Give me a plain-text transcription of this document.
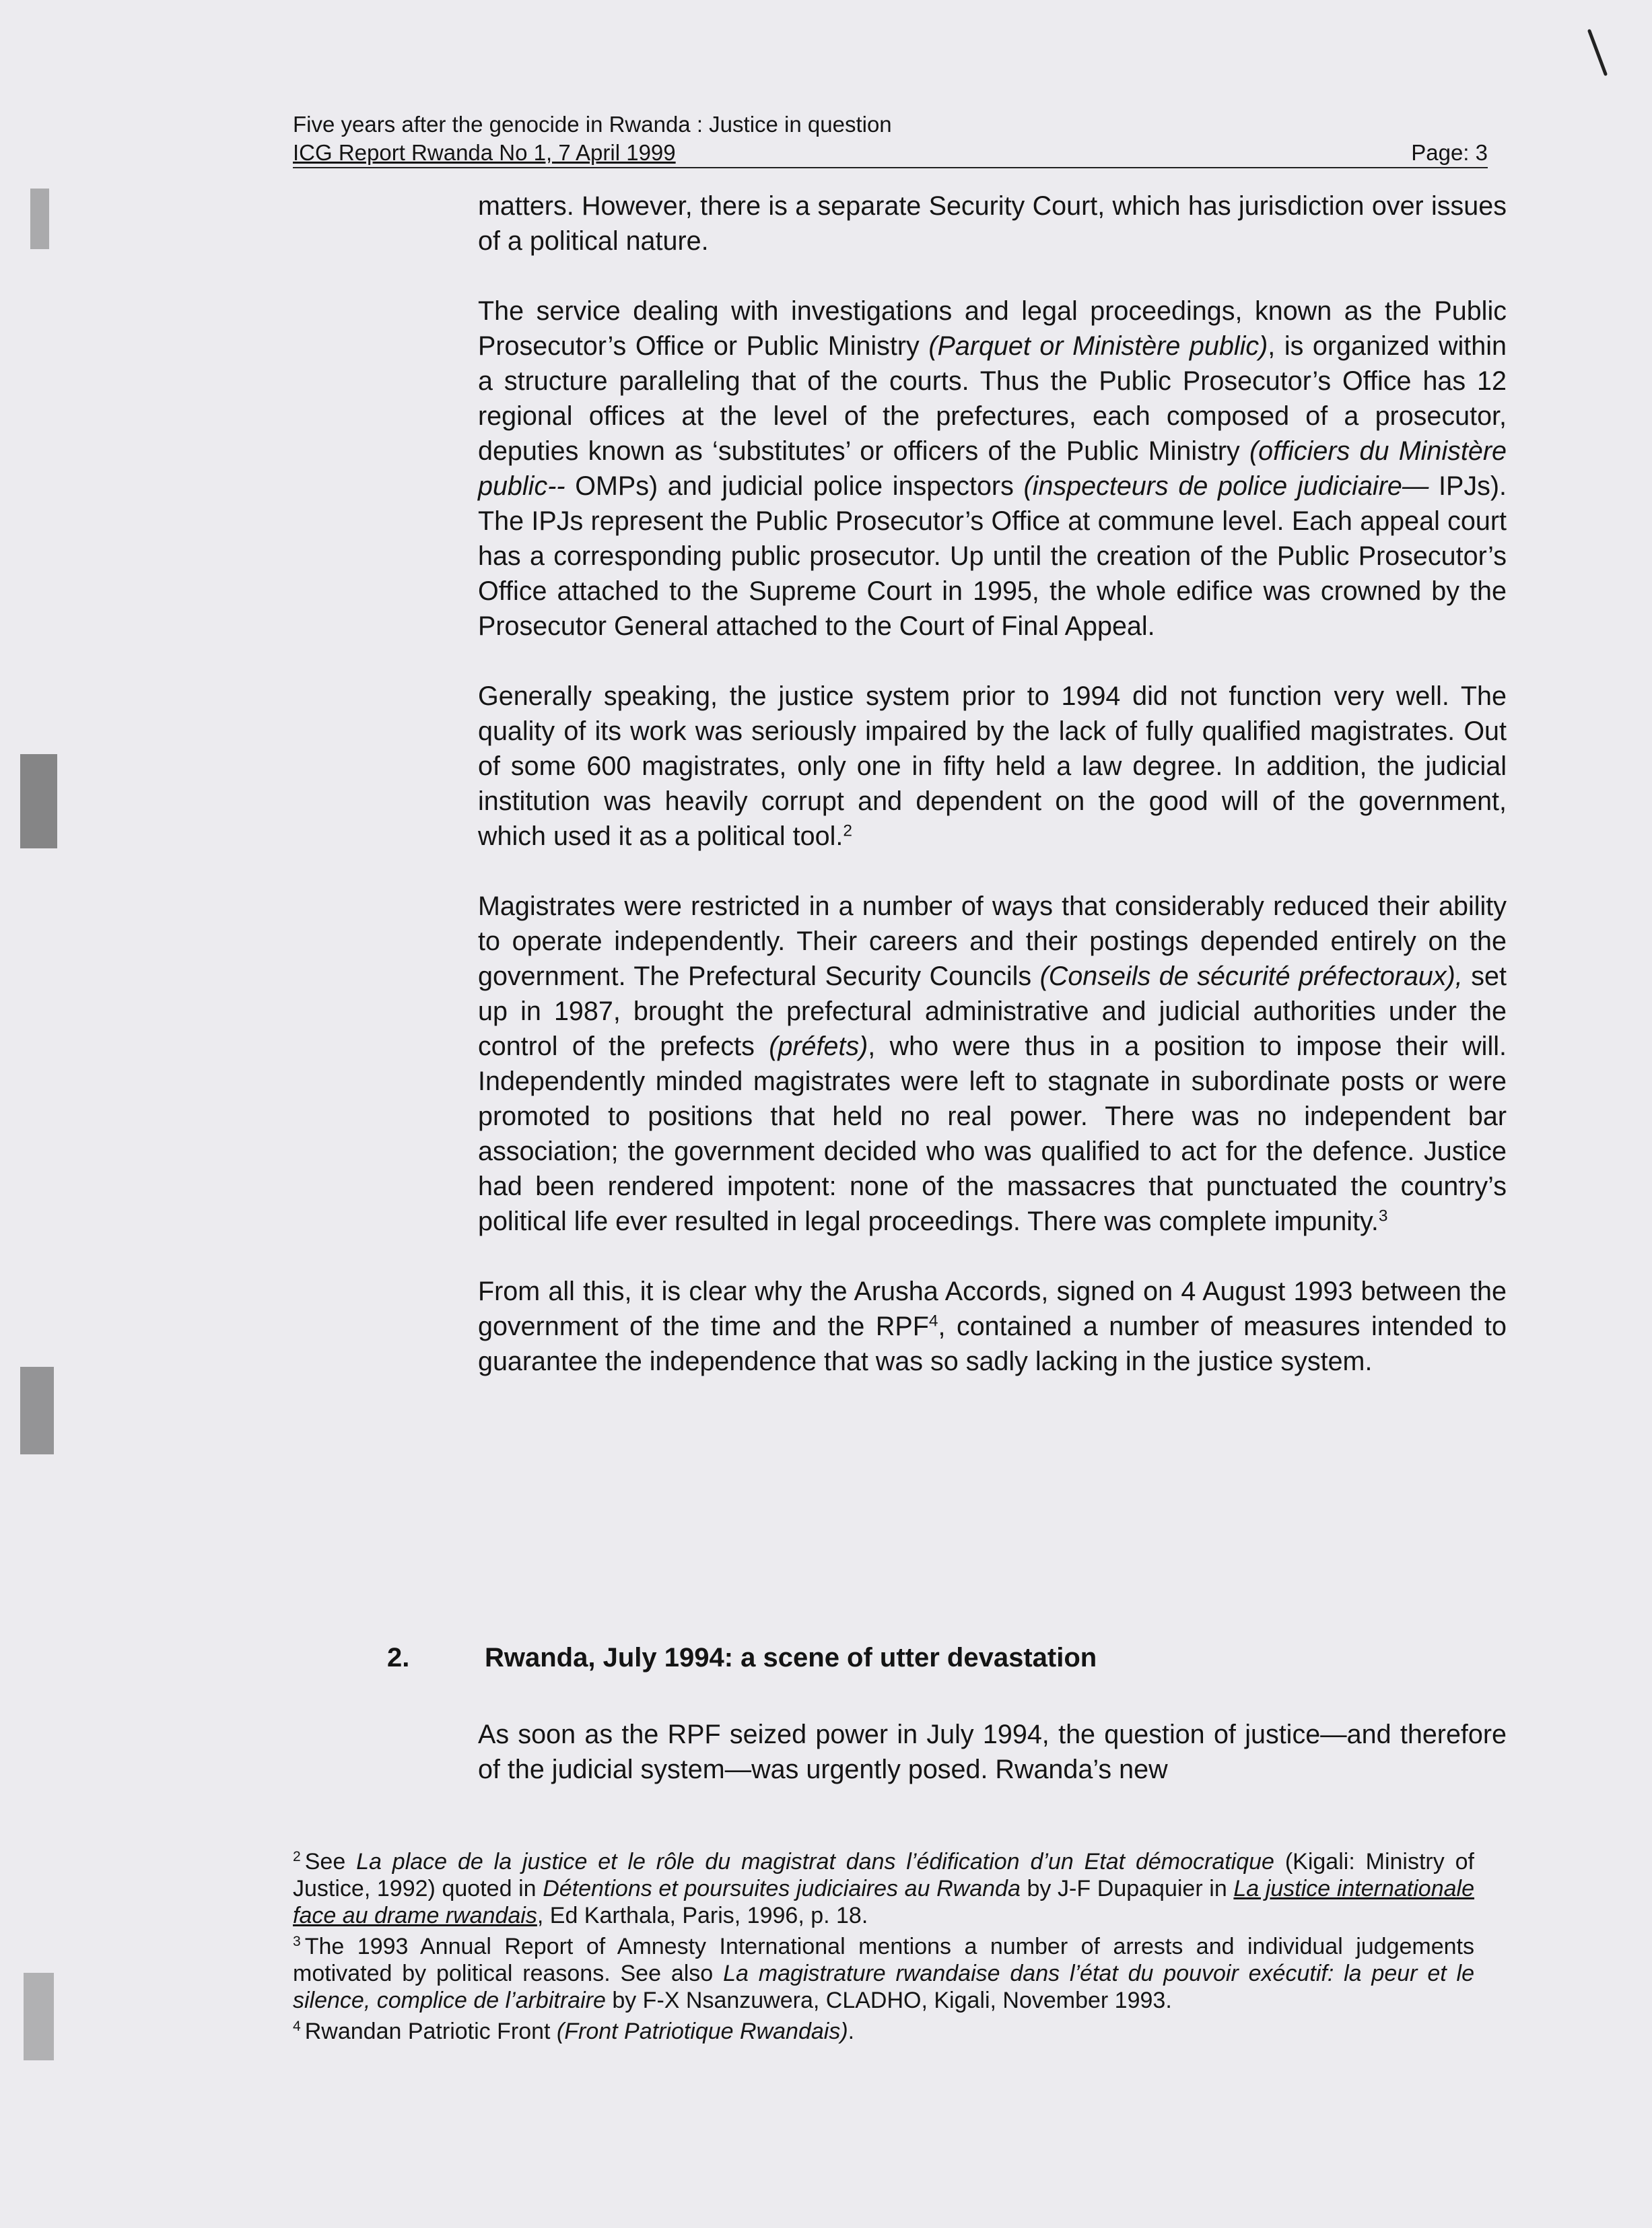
Five years after the genocide in Rwanda : Justice in question
ICG Report Rwanda No 1, 7 April 1999	Page: 3

matters. However, there is a separate Security Court, which has jurisdiction over issues of a political nature.

The service dealing with investigations and legal proceedings, known as the Public Prosecutor’s Office or Public Ministry (Parquet or Ministère public), is organized within a structure paralleling that of the courts. Thus the Public Prosecutor’s Office has 12 regional offices at the level of the prefectures, each composed of a prosecutor, deputies known as ‘substitutes’ or officers of the Public Ministry (officiers du Ministère public-- OMPs) and judicial police inspectors (inspecteurs de police judiciaire— IPJs). The IPJs represent the Public Prosecutor’s Office at commune level. Each appeal court has a corresponding public prosecutor. Up until the creation of the Public Prosecutor’s Office attached to the Supreme Court in 1995, the whole edifice was crowned by the Prosecutor General attached to the Court of Final Appeal.

Generally speaking, the justice system prior to 1994 did not function very well. The quality of its work was seriously impaired by the lack of fully qualified magistrates. Out of some 600 magistrates, only one in fifty held a law degree. In addition, the judicial institution was heavily corrupt and dependent on the good will of the government, which used it as a political tool.$^2$

Magistrates were restricted in a number of ways that considerably reduced their ability to operate independently. Their careers and their postings depended entirely on the government. The Prefectural Security Councils (Conseils de sécurité préfectoraux), set up in 1987, brought the prefectural administrative and judicial authorities under the control of the prefects (préfets), who were thus in a position to impose their will. Independently minded magistrates were left to stagnate in subordinate posts or were promoted to positions that held no real power. There was no independent bar association; the government decided who was qualified to act for the defence. Justice had been rendered impotent: none of the massacres that punctuated the country’s political life ever resulted in legal proceedings. There was complete impunity.$^3$

From all this, it is clear why the Arusha Accords, signed on 4 August 1993 between the government of the time and the RPF$^4$, contained a number of measures intended to guarantee the independence that was so sadly lacking in the justice system.

2.	Rwanda, July 1994: a scene of utter devastation

As soon as the RPF seized power in July 1994, the question of justice—and therefore of the judicial system—was urgently posed. Rwanda’s new

$^2$ See La place de la justice et le rôle du magistrat dans l’édification d’un Etat démocratique (Kigali: Ministry of Justice, 1992) quoted in Détentions et poursuites judiciaires au Rwanda by J-F Dupaquier in La justice internationale face au drame rwandais, Ed Karthala, Paris, 1996, p. 18.

$^3$ The 1993 Annual Report of Amnesty International mentions a number of arrests and individual judgements motivated by political reasons. See also La magistrature rwandaise dans l’état du pouvoir exécutif: la peur et le silence, complice de l’arbitraire by F-X Nsanzuwera, CLADHO, Kigali, November 1993.

$^4$ Rwandan Patriotic Front (Front Patriotique Rwandais).
